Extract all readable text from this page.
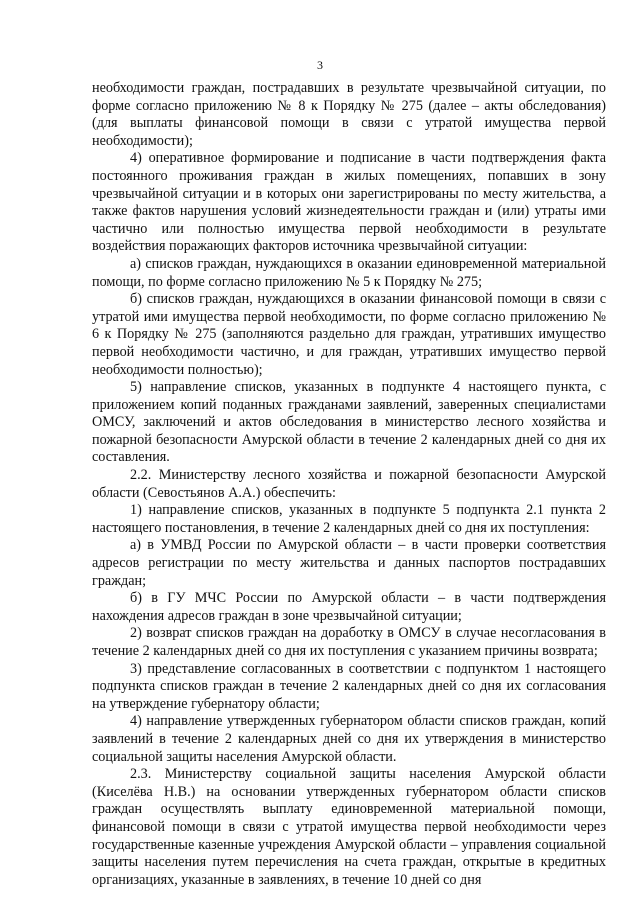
3

необходимости граждан, пострадавших в результате чрезвычайной ситуации, по форме согласно приложению № 8 к Порядку № 275 (далее – акты обследования) (для выплаты финансовой помощи в связи с утратой имущества первой необходимости);

4) оперативное формирование и подписание в части подтверждения факта постоянного проживания граждан в жилых помещениях, попавших в зону чрезвычайной ситуации и в которых они зарегистрированы по месту жительства, а также фактов нарушения условий жизнедеятельности граждан и (или) утраты ими частично или полностью имущества первой необходимости в результате воздействия поражающих факторов источника чрезвычайной ситуации:

а) списков граждан, нуждающихся в оказании единовременной материальной помощи, по форме согласно приложению № 5 к Порядку № 275;

б) списков граждан, нуждающихся в оказании финансовой помощи в связи с утратой ими имущества первой необходимости, по форме согласно приложению № 6 к Порядку № 275 (заполняются раздельно для граждан, утративших имущество первой необходимости частично, и для граждан, утративших имущество первой необходимости полностью);

5) направление списков, указанных в подпункте 4 настоящего пункта, с приложением копий поданных гражданами заявлений, заверенных специалистами ОМСУ, заключений и актов обследования в министерство лесного хозяйства и пожарной безопасности Амурской области в течение 2 календарных дней со дня их составления.

2.2. Министерству лесного хозяйства и пожарной безопасности Амурской области (Севостьянов А.А.) обеспечить:

1) направление списков, указанных в подпункте 5 подпункта 2.1 пункта 2 настоящего постановления, в течение 2 календарных дней со дня их поступления:

а) в УМВД России по Амурской области – в части проверки соответствия адресов регистрации по месту жительства и данных паспортов пострадавших граждан;

б) в ГУ МЧС России по Амурской области – в части подтверждения нахождения адресов граждан в зоне чрезвычайной ситуации;

2) возврат списков граждан на доработку в ОМСУ в случае несогласования в течение 2 календарных дней со дня их поступления с указанием причины возврата;

3) представление согласованных в соответствии с подпунктом 1 настоящего подпункта списков граждан в течение 2 календарных дней со дня их согласования на утверждение губернатору области;

4) направление утвержденных губернатором области списков граждан, копий заявлений в течение 2 календарных дней со дня их утверждения в министерство социальной защиты населения Амурской области.

2.3. Министерству социальной защиты населения Амурской области (Киселёва Н.В.) на основании утвержденных губернатором области списков граждан осуществлять выплату единовременной материальной помощи, финансовой помощи в связи с утратой имущества первой необходимости через государственные казенные учреждения Амурской области – управления социальной защиты населения путем перечисления на счета граждан, открытые в кредитных организациях, указанные в заявлениях, в течение 10 дней со дня
